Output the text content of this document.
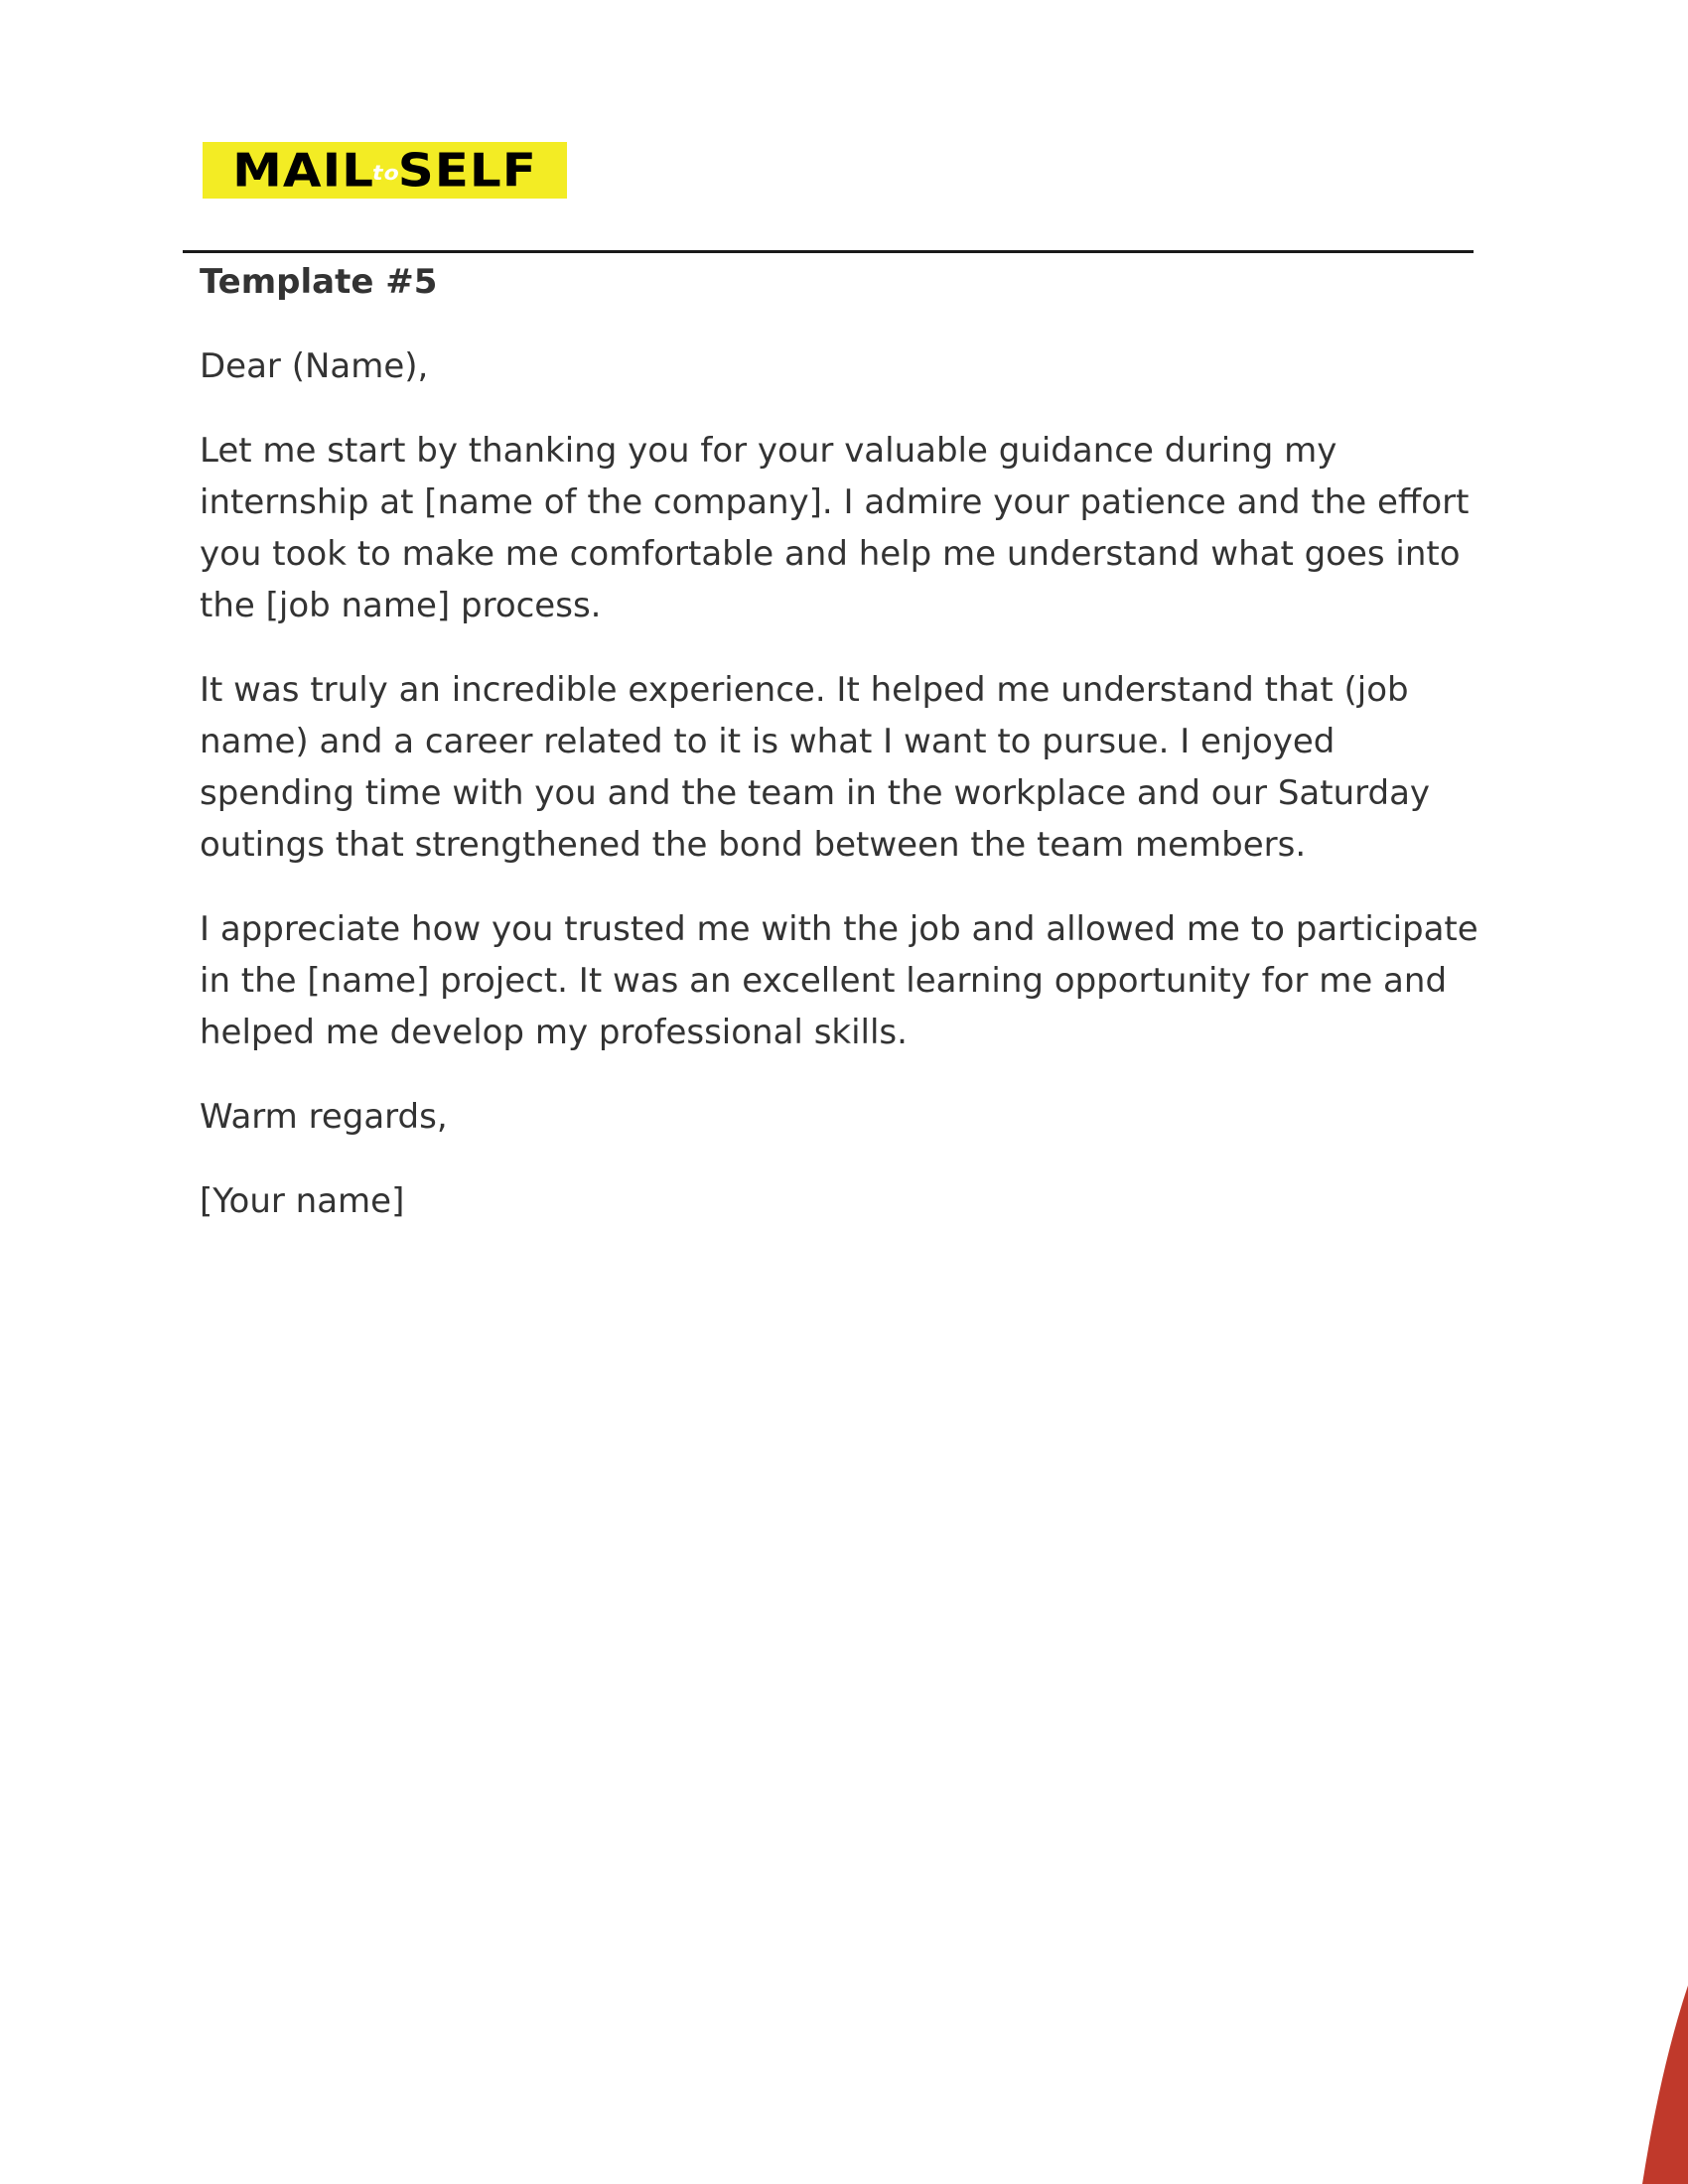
MAILtoSELF

Template #5

Dear (Name),

Let me start by thanking you for your valuable guidance during my internship at [name of the company]. I admire your patience and the effort you took to make me comfortable and help me understand what goes into the [job name] process.

It was truly an incredible experience. It helped me understand that (job name) and a career related to it is what I want to pursue. I enjoyed spending time with you and the team in the workplace and our Saturday outings that strengthened the bond between the team members.

I appreciate how you trusted me with the job and allowed me to participate in the [name] project. It was an excellent learning opportunity for me and helped me develop my professional skills.

Warm regards,

[Your name]
